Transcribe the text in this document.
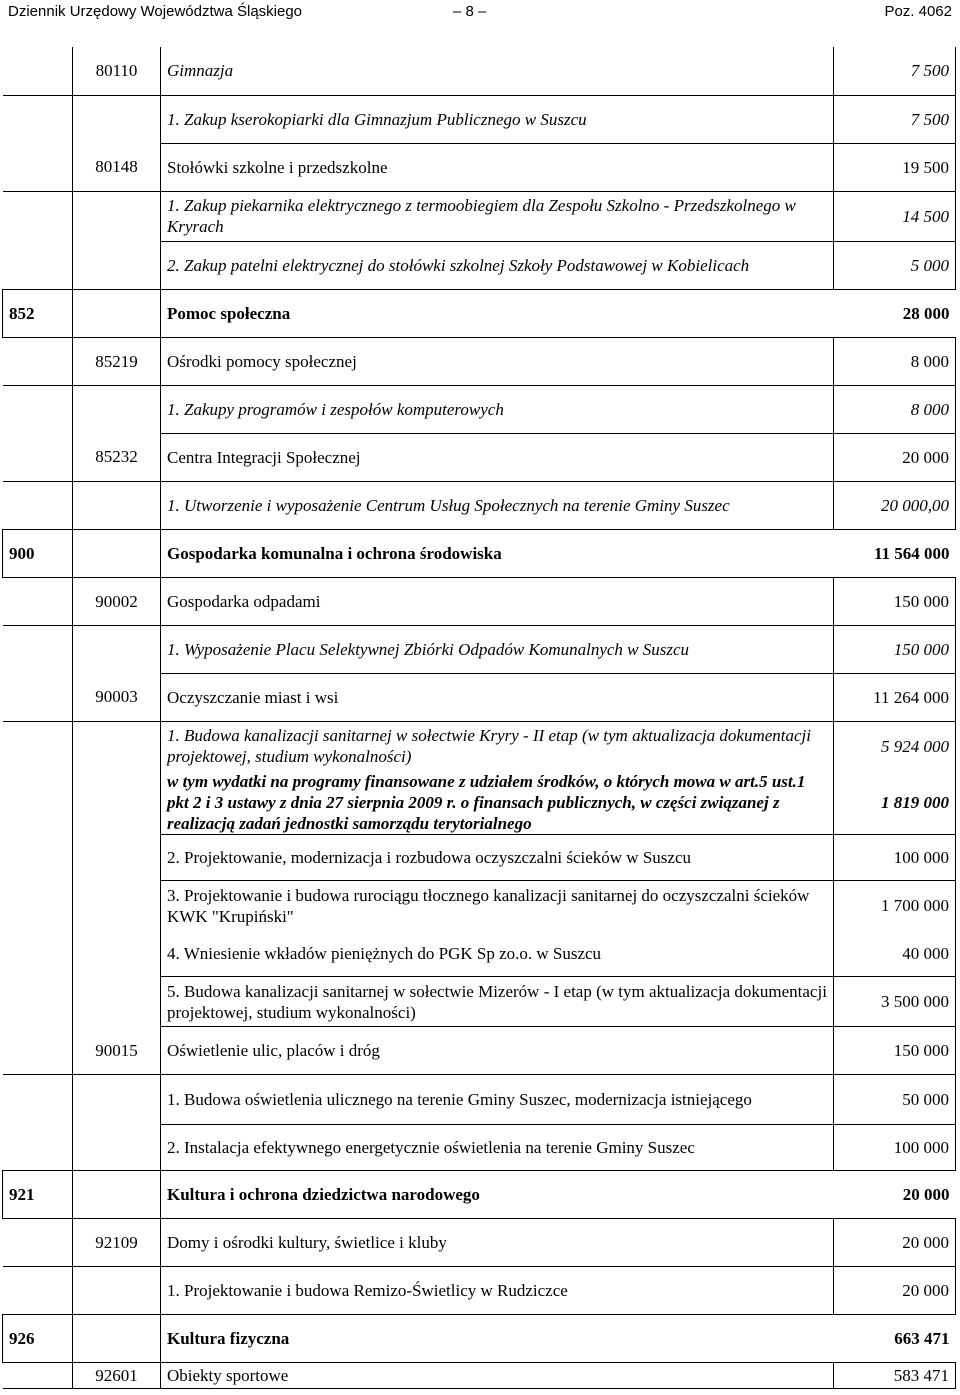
Dziennik Urzędowy Województwa Śląskiego	– 8 –	Poz. 4062
	80110	Gimnazja	7 500
		1. Zakup kserokopiarki dla Gimnazjum Publicznego w Suszcu	7 500
	80148	Stołówki szkolne i przedszkolne	19 500
		1. Zakup piekarnika elektrycznego z termoobiegiem dla Zespołu Szkolno - Przedszkolnego w Kryrach	14 500
		2. Zakup patelni elektrycznej do stołówki szkolnej Szkoły Podstawowej w Kobielicach	5 000
852		Pomoc społeczna	28 000
	85219	Ośrodki pomocy społecznej	8 000
		1. Zakupy programów i zespołów komputerowych	8 000
	85232	Centra Integracji Społecznej	20 000
		1. Utworzenie i wyposażenie Centrum Usług Społecznych na terenie Gminy Suszec	20 000,00
900		Gospodarka komunalna i ochrona środowiska	11 564 000
	90002	Gospodarka odpadami	150 000
		1. Wyposażenie Placu Selektywnej Zbiórki Odpadów Komunalnych w Suszcu	150 000
	90003	Oczyszczanie miast i wsi	11 264 000
		1. Budowa kanalizacji sanitarnej w sołectwie Kryry - II etap (w tym aktualizacja dokumentacji projektowej, studium wykonalności)	5 924 000
		w tym wydatki na programy finansowane z udziałem środków, o których mowa w art.5 ust.1 pkt 2 i 3 ustawy z dnia 27 sierpnia 2009 r. o finansach publicznych, w części związanej z realizacją zadań jednostki samorządu terytorialnego	1 819 000
		2. Projektowanie, modernizacja i rozbudowa oczyszczalni ścieków w Suszcu	100 000
		3. Projektowanie i budowa rurociągu tłocznego kanalizacji sanitarnej do oczyszczalni ścieków KWK "Krupiński"	1 700 000
		4. Wniesienie wkładów pieniężnych do PGK Sp zo.o. w Suszcu	40 000
		5. Budowa kanalizacji sanitarnej w sołectwie Mizerów - I etap (w tym aktualizacja dokumentacji projektowej, studium wykonalności)	3 500 000
	90015	Oświetlenie ulic, placów i dróg	150 000
		1. Budowa oświetlenia ulicznego na terenie Gminy Suszec, modernizacja istniejącego	50 000
		2. Instalacja efektywnego energetycznie oświetlenia na terenie Gminy Suszec	100 000
921		Kultura i ochrona dziedzictwa narodowego	20 000
	92109	Domy i ośrodki kultury, świetlice i kluby	20 000
		1. Projektowanie i budowa Remizo-Świetlicy w Rudziczce	20 000
926		Kultura fizyczna	663 471
	92601	Obiekty sportowe	583 471
